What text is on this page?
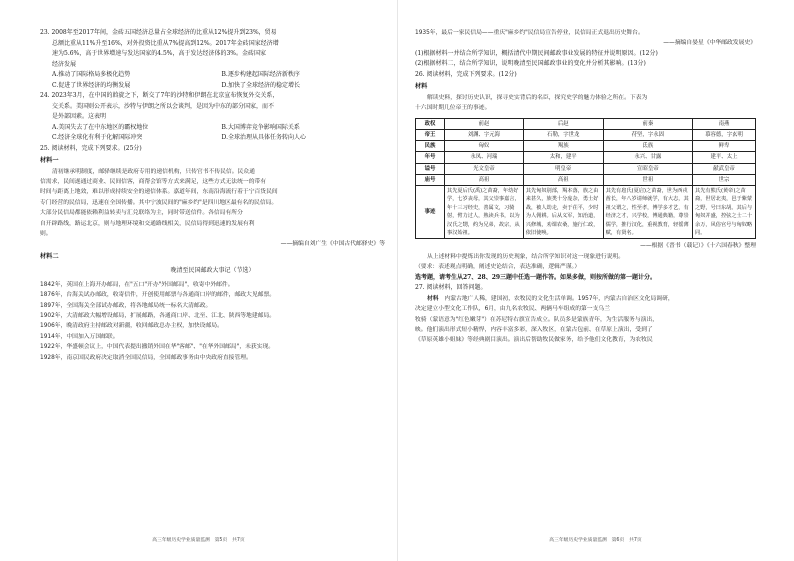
23. 2008年至2017年间，金砖五国经济总量占全球经济的比重从12%提升到23%，贸易

总额比重从11%升至16%，对外投资比重从7%提高到12%。2017年金砖国家经济增

速为5.6%，高于世界增速与发达国家的4.5%，高于发达经济体的3%。金砖国家

经济发展

A.推动了国际格局多极化趋势	B.逐步构建起国际经济新秩序
C.促进了世界经济的均衡发展	D.加快了全球经济的稳定增长

24. 2023年3月，在中国的斡旋之下，断交了7年的沙特和伊朗在北京宣布恢复外交关系，

交关系。美国则公开表示，沙特与伊朗之所以会谈判，是因为中东的部分国家，而不

是外部因素。这表明

A.美国失去了在中东地区的霸权地位	B.大国博弈竞争影响国际关系
C.经济全球化有利于化解国际冲突	D.全球治理从具体任务转向人心

25. 阅读材料，完成下列要求。(25分)

材料一

清初继承明制度，邮驿继续是政府专用的递信机构，只传官书不传民信。民众通

信需求，民间遂通过商业、民间信客，商帮会馆等方式来满足，这些方式无法统一的带有

时间与距离上地效，难以形成持续安全的递信体系。嘉道年间，东南沿海流行着于宁百货民间

专门经营的民信局，迅速在全国传播。其中宁波民间的"麻乡约"是四川地区最有名的民信局。

大部分民信局都能依赖利益转卖与汇兑联络为主，同时带送信件。各信局有所分

自开辟路线，路运北京，则与地理环境和交通路线相关，民信局得到迅速的发展有利

则。

——摘编自刘广生《中国古代邮驿史》等

材料二

晚清至民国邮政大事记（节选）

1842年，英国在上海开办邮局，在"五口"开办"外国邮局"，收寄中外邮件。

1876年，台海关试办邮政，收寄信件，开创使用邮票与各通商口岸的邮件，邮政大见邮票。

1897年，全国海关全部试办邮政，将各地邮局统一标名大清邮政。

1902年，大清邮政大幅增设邮局，扩展邮路，各通商口岸、北至、江北、陕西等地建邮局。

1906年，晚清政府主持邮政对新疆，收回邮政总办主权，加快设邮局。

1914年，中国加入万国邮联。

1922年，华盛顿会议上，中国代表提出撤销外国在华"客邮"、"在华外国邮局"，未获实现。

1928年，南京国民政府决定取消全国民信局，全国邮政事务由中央政府直接管理。

高三年级历史学业质量监测　第5页　共7页

1935年，最后一家民信局——重庆"麻乡约"民信局宣告停业，民信局正式退出历史舞台。

——摘编自晏星《中华邮政发展史》

(1)根据材料一并结合所学知识，概括清代中期民间邮政事业发展的特征并说明原因。(12分)

(2)根据材料二，结合所学知识，说明晚清至民国邮政事业的变化并分析其影响。(13分)

26. 阅读材料，完成下列要求。(12分)

材料

解读史料，探讨历史认识，探寻史实背后的名臣，探究史学的魅力体验之所在。下表为

十六国时期几位帝王的事迹。

政权	前赵	后赵	前秦	南燕
帝王	刘渊、字元海	石勒，字世龙	苻坚，字永固	慕容德，字玄明
民族	匈奴	羯族	氐族	鲜卑
年号	永凤、河瑞	太和，建平	永兴、甘露	建平、太上
谥号	光文皇帝	明皇帝	宣昭皇帝	献武皇帝
庙号	高祖	高祖	世祖	世宗
事迹	其先夏后氏(禹)之苗裔，年幼好学，七岁丧母，其父崇事嘉言，年十三习经史，善属文，习骑射，臂力过人，熟读兵书，以为汉氏之甥，约为兄弟，故宗，从事汉始祖。	其先匈奴别部，羯本落，族之由来甚久，族类十分庞杂，勇士好战，被人劫走，卖于茌平，少时为人佣耕。后从义军，知治道，兴修城，劝课农桑，施行仁政，依旧使唤。	其先有扈氏(夏启)之苗裔，世为西戎酋长，年八岁请师就学，有大志，其祖父谓之，性至孝，博学多才艺，有经济之才，兴学校，博通典籍，尊崇儒学，推行汉化，重视教育，轻徭薄赋，有贤名。	其先有熊氏(黄帝)之苗裔，世居北夷，邑于紫蒙之野，号曰东胡。其后与匈奴并盛，控弦之士二十余万，风俗官号与匈奴略同。

——根据《晋书（载记）》《十六国春秋》整理

从上述材料中提炼出你发现的历史现象，结合所学知识对这一现象进行说明。

（要求：表述观点明确，阐述史论结合，表达准确，逻辑严谨。）

选考题，请考生从27、28、29三题中任选一题作答。如果多做，则按所做的第一题计分。

27. 阅读材料，回答问题。

材料　 内蒙古地广人稀，建国初，农牧民的文化生活单调。1957年，内蒙古自治区文化局调研，

决定建立小型文化工作队，6月，由九名农牧民、两辆马车组成的第一支乌兰

牧骑（蒙语意为"红色嫩芽"）在苏尼特右旗宣告成立。队员多是蒙族青年，为生活服务与演出，

映。他们演出形式短小精悍，内容丰富多彩，深入牧区，在蒙古包前、在草原上演出，受到了

《草原英雄小姐妹》等经典剧目演出。演出后帮助牧民做家务，给予他们文化教育，为农牧民

高三年级历史学业质量监测　第6页　共7页
